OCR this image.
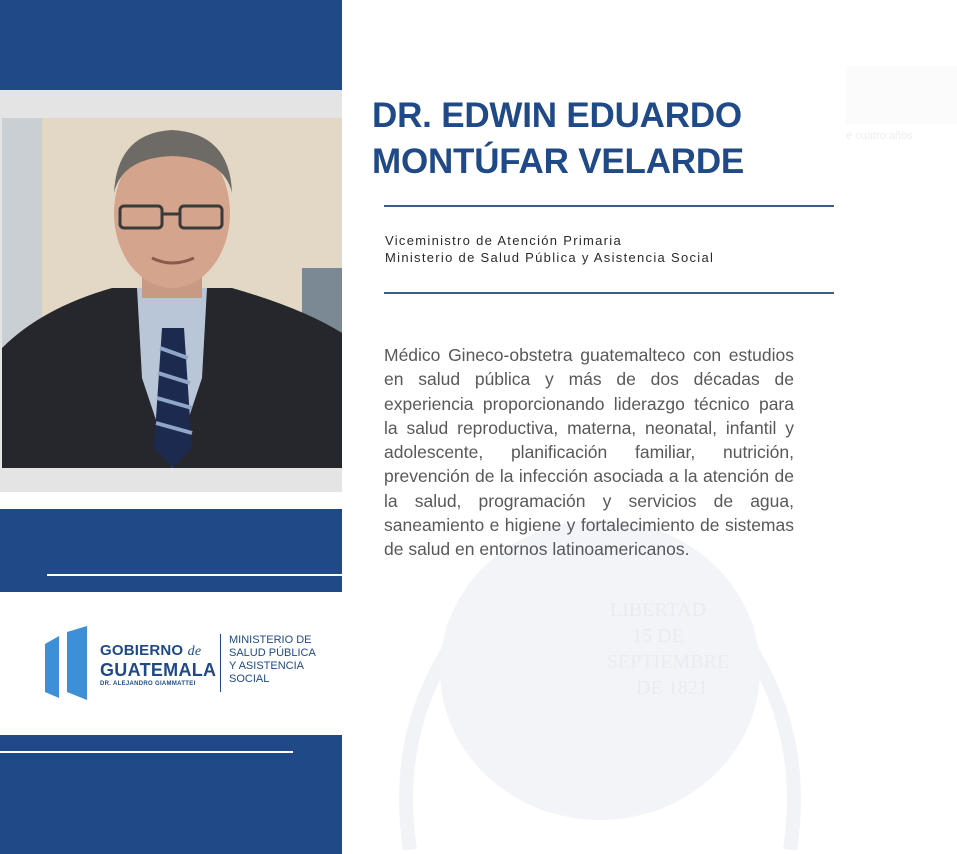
GOBIERNO de
GUATEMALA
DR. ALEJANDRO GIAMMATTEI
MINISTERIO DE
SALUD PÚBLICA
Y ASISTENCIA
SOCIAL
LIBERTAD
15 DE
SEPTIEMBRE
DE 1821
e cuatro años
DR. EDWIN EDUARDO
MONTÚFAR VELARDE
Viceministro de Atención Primaria
Ministerio de Salud Pública y Asistencia Social
Médico Gineco-obstetra guatemalteco con estudios en salud pública y más de dos décadas de experiencia proporcionando liderazgo técnico para la salud reproductiva, materna, neonatal, infantil y adolescente, planificación familiar, nutrición, prevención de la infección asociada a la atención de la salud, programación y servicios de agua, saneamiento e higiene y fortalecimiento de sistemas de salud en entornos latinoamericanos.
